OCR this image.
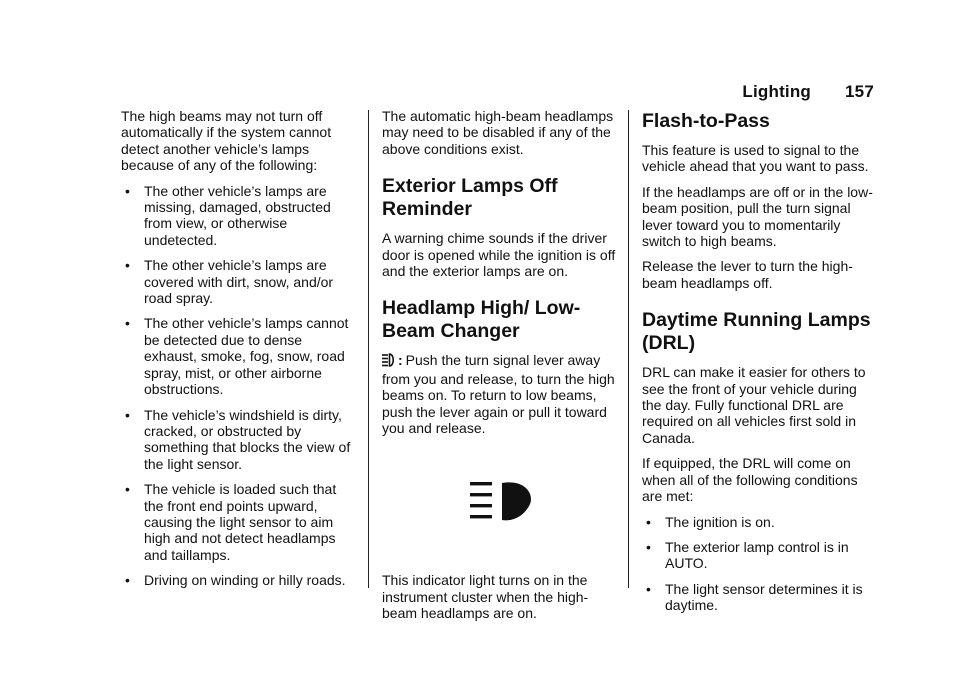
Lighting 157

The high beams may not turn off automatically if the system cannot detect another vehicle’s lamps because of any of the following:

• The other vehicle’s lamps are missing, damaged, obstructed from view, or otherwise undetected.
• The other vehicle’s lamps are covered with dirt, snow, and/or road spray.
• The other vehicle’s lamps cannot be detected due to dense exhaust, smoke, fog, snow, road spray, mist, or other airborne obstructions.
• The vehicle’s windshield is dirty, cracked, or obstructed by something that blocks the view of the light sensor.
• The vehicle is loaded such that the front end points upward, causing the light sensor to aim high and not detect headlamps and taillamps.
• Driving on winding or hilly roads.

The automatic high-beam headlamps may need to be disabled if any of the above conditions exist.

Exterior Lamps Off Reminder

A warning chime sounds if the driver door is opened while the ignition is off and the exterior lamps are on.

Headlamp High/ Low-Beam Changer

: Push the turn signal lever away from you and release, to turn the high beams on. To return to low beams, push the lever again or pull it toward you and release.

This indicator light turns on in the instrument cluster when the high-beam headlamps are on.

Flash-to-Pass

This feature is used to signal to the vehicle ahead that you want to pass.

If the headlamps are off or in the low-beam position, pull the turn signal lever toward you to momentarily switch to high beams.

Release the lever to turn the high-beam headlamps off.

Daytime Running Lamps (DRL)

DRL can make it easier for others to see the front of your vehicle during the day. Fully functional DRL are required on all vehicles first sold in Canada.

If equipped, the DRL will come on when all of the following conditions are met:

• The ignition is on.
• The exterior lamp control is in AUTO.
• The light sensor determines it is daytime.
